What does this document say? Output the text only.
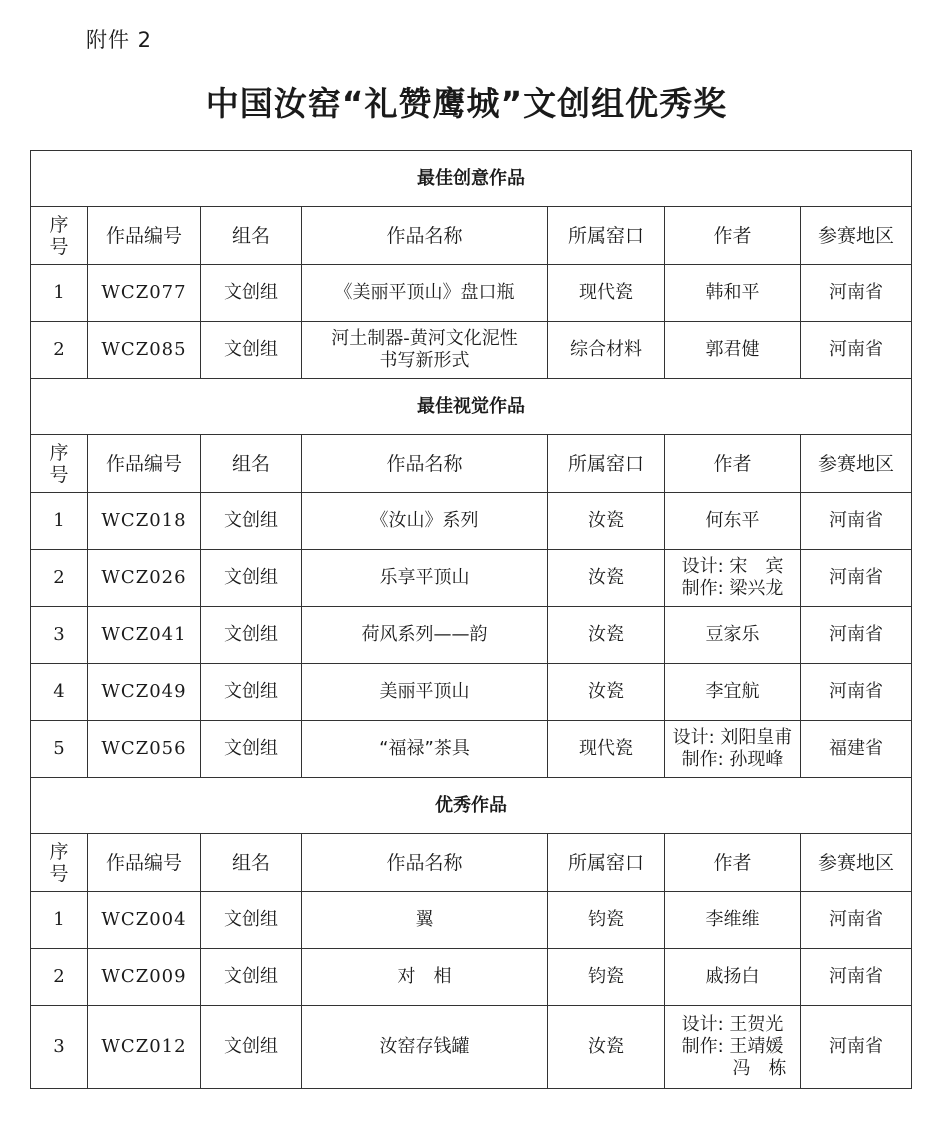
附件 2
中国汝窑“礼赞鹰城”文创组优秀奖
最佳创意作品						

序
号	作品编号	组名	作品名称	所属窑口	作者	参赛地区
1	WCZ077	文创组	《美丽平顶山》盘口瓶	现代瓷	韩和平	河南省
2	WCZ085	文创组	河土制器-黄河文化泥性
书写新形式	综合材料	郭君健	河南省
最佳视觉作品						

序
号	作品编号	组名	作品名称	所属窑口	作者	参赛地区
1	WCZ018	文创组	《汝山》系列	汝瓷	何东平	河南省
2	WCZ026	文创组	乐享平顶山	汝瓷	设计: 宋　宾
制作: 梁兴龙	河南省
3	WCZ041	文创组	荷风系列——韵	汝瓷	豆家乐	河南省
4	WCZ049	文创组	美丽平顶山	汝瓷	李宜航	河南省
5	WCZ056	文创组	“福禄”茶具	现代瓷	设计: 刘阳皇甫
制作: 孙现峰	福建省
优秀作品						

序
号	作品编号	组名	作品名称	所属窑口	作者	参赛地区
1	WCZ004	文创组	翼	钧瓷	李维维	河南省
2	WCZ009	文创组	对　相	钧瓷	戚扬白	河南省
3	WCZ012	文创组	汝窑存钱罐	汝瓷	设计: 王贺光
制作: 王靖媛
　　　冯　栋	河南省
